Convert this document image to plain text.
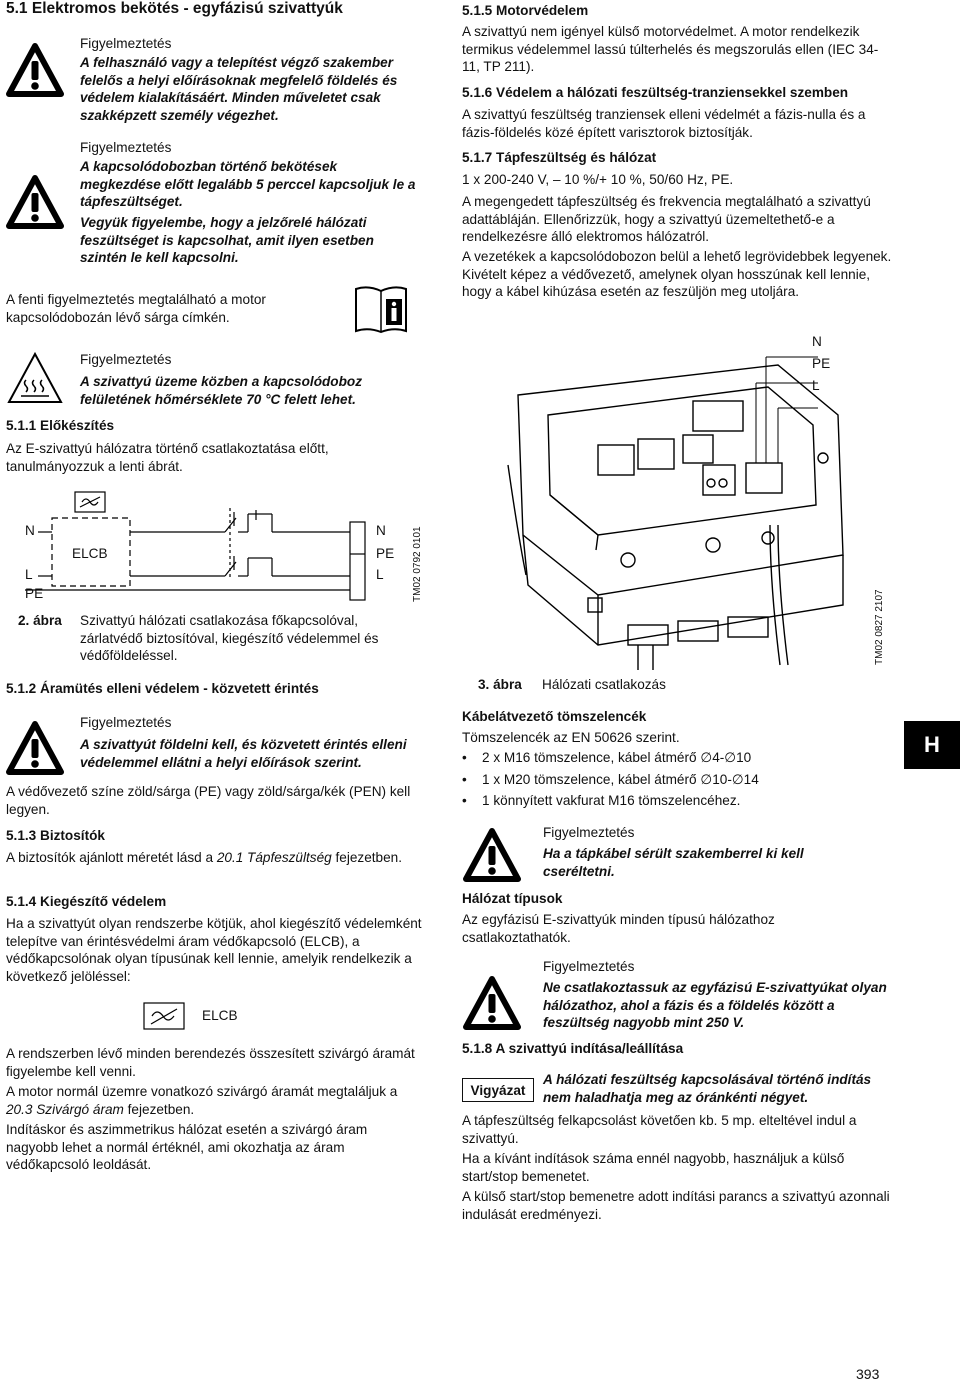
5.1 Elektromos bekötés - egyfázisú szivattyúk
Figyelmeztetés
A felhasználó vagy a telepítést végző szakember felelős a helyi előírásoknak megfelelő földelés és védelem kialakításáért. Minden műveletet csak szakképzett személy végezhet.
Figyelmeztetés
A kapcsolódobozban történő bekötések megkezdése előtt legalább 5 perccel kapcsoljuk le a tápfeszültséget.
Vegyük figyelembe, hogy a jelzőrelé hálózati feszültséget is kapcsolhat, amit ilyen esetben szintén le kell kapcsolni.
A fenti figyelmeztetés megtalálható a motor kapcsolódobozán lévő sárga címkén.
Figyelmeztetés
A szivattyú üzeme közben a kapcsolódoboz felületének hőmérséklete 70 °C felett lehet.
5.1.1 Előkészítés
Az E-szivattyú hálózatra történő csatlakoztatása előtt, tanulmányozzuk a lenti ábrát.
N
L
PE
ELCB
N
PE
L	TM02 0792 0101
2. ábra Szivattyú hálózati csatlakozása főkapcsolóval, zárlatvédő biztosítóval, kiegészítő védelemmel és védőföldeléssel.
5.1.2 Áramütés elleni védelem - közvetett érintés
Figyelmeztetés
A szivattyút földelni kell, és közvetett érintés elleni védelemmel ellátni a helyi előírások szerint.
A védővezető színe zöld/sárga (PE) vagy zöld/sárga/kék (PEN) kell legyen.
5.1.3 Biztosítók
A biztosítók ajánlott méretét lásd a 20.1 Tápfeszültség fejezetben.
5.1.4 Kiegészítő védelem
Ha a szivattyút olyan rendszerbe kötjük, ahol kiegészítő védelemként telepítve van érintésvédelmi áram védőkapcsoló (ELCB), a védőkapcsolónak olyan típusúnak kell lennie, amelyik rendelkezik a következő jelöléssel:
ELCB
A rendszerben lévő minden berendezés összesített szivárgó áramát figyelembe kell venni.
A motor normál üzemre vonatkozó szivárgó áramát megtaláljuk a 20.3 Szivárgó áram fejezetben.
Indításkor és aszimmetrikus hálózat esetén a szivárgó áram nagyobb lehet a normál értéknél, ami okozhatja az áram védőkapcsoló leoldását.
5.1.5 Motorvédelem
A szivattyú nem igényel külső motorvédelmet. A motor rendelkezik termikus védelemmel lassú túlterhelés és megszorulás ellen (IEC 34-11, TP 211).
5.1.6 Védelem a hálózati feszültség-tranziensekkel szemben
A szivattyú feszültség tranziensek elleni védelmét a fázis-nulla és a fázis-földelés közé épített varisztorok biztosítják.
5.1.7 Tápfeszültség és hálózat
1 x 200-240 V, – 10 %/+ 10 %, 50/60 Hz, PE.
A megengedett tápfeszültség és frekvencia megtalálható a szivattyú adattábláján. Ellenőrizzük, hogy a szivattyú üzemeltethető-e a rendelkezésre álló elektromos hálózatról.
A vezetékek a kapcsolódobozon belül a lehető legrövidebbek legyenek. Kivételt képez a védővezető, amelynek olyan hosszúnak kell lennie, hogy a kábel kihúzása esetén az feszüljön meg utoljára.
N
PE
L
TM02 0827 2107
3. ábra Hálózati csatlakozás
Kábelátvezető tömszelencék
Tömszelencék az EN 50626 szerint.
• 2 x M16 tömszelence, kábel átmérő ∅4-∅10
• 1 x M20 tömszelence, kábel átmérő ∅10-∅14
• 1 könnyített vakfurat M16 tömszelencéhez.
H
Figyelmeztetés
Ha a tápkábel sérült szakemberrel ki kell cseréltetni.
Hálózat típusok
Az egyfázisú E-szivattyúk minden típusú hálózathoz csatlakoztathatók.
Figyelmeztetés
Ne csatlakoztassuk az egyfázisú E-szivattyúkat olyan hálózathoz, ahol a fázis és a földelés között a feszültség nagyobb mint 250 V.
5.1.8 A szivattyú indítása/leállítása
Vigyázat
A hálózati feszültség kapcsolásával történő indítás nem haladhatja meg az óránkénti négyet.
A tápfeszültség felkapcsolást követően kb. 5 mp. elteltével indul a szivattyú.
Ha a kívánt indítások száma ennél nagyobb, használjuk a külső start/stop bemenetet.
A külső start/stop bemenetre adott indítási parancs a szivattyú azonnali indulását eredményezi.
393
